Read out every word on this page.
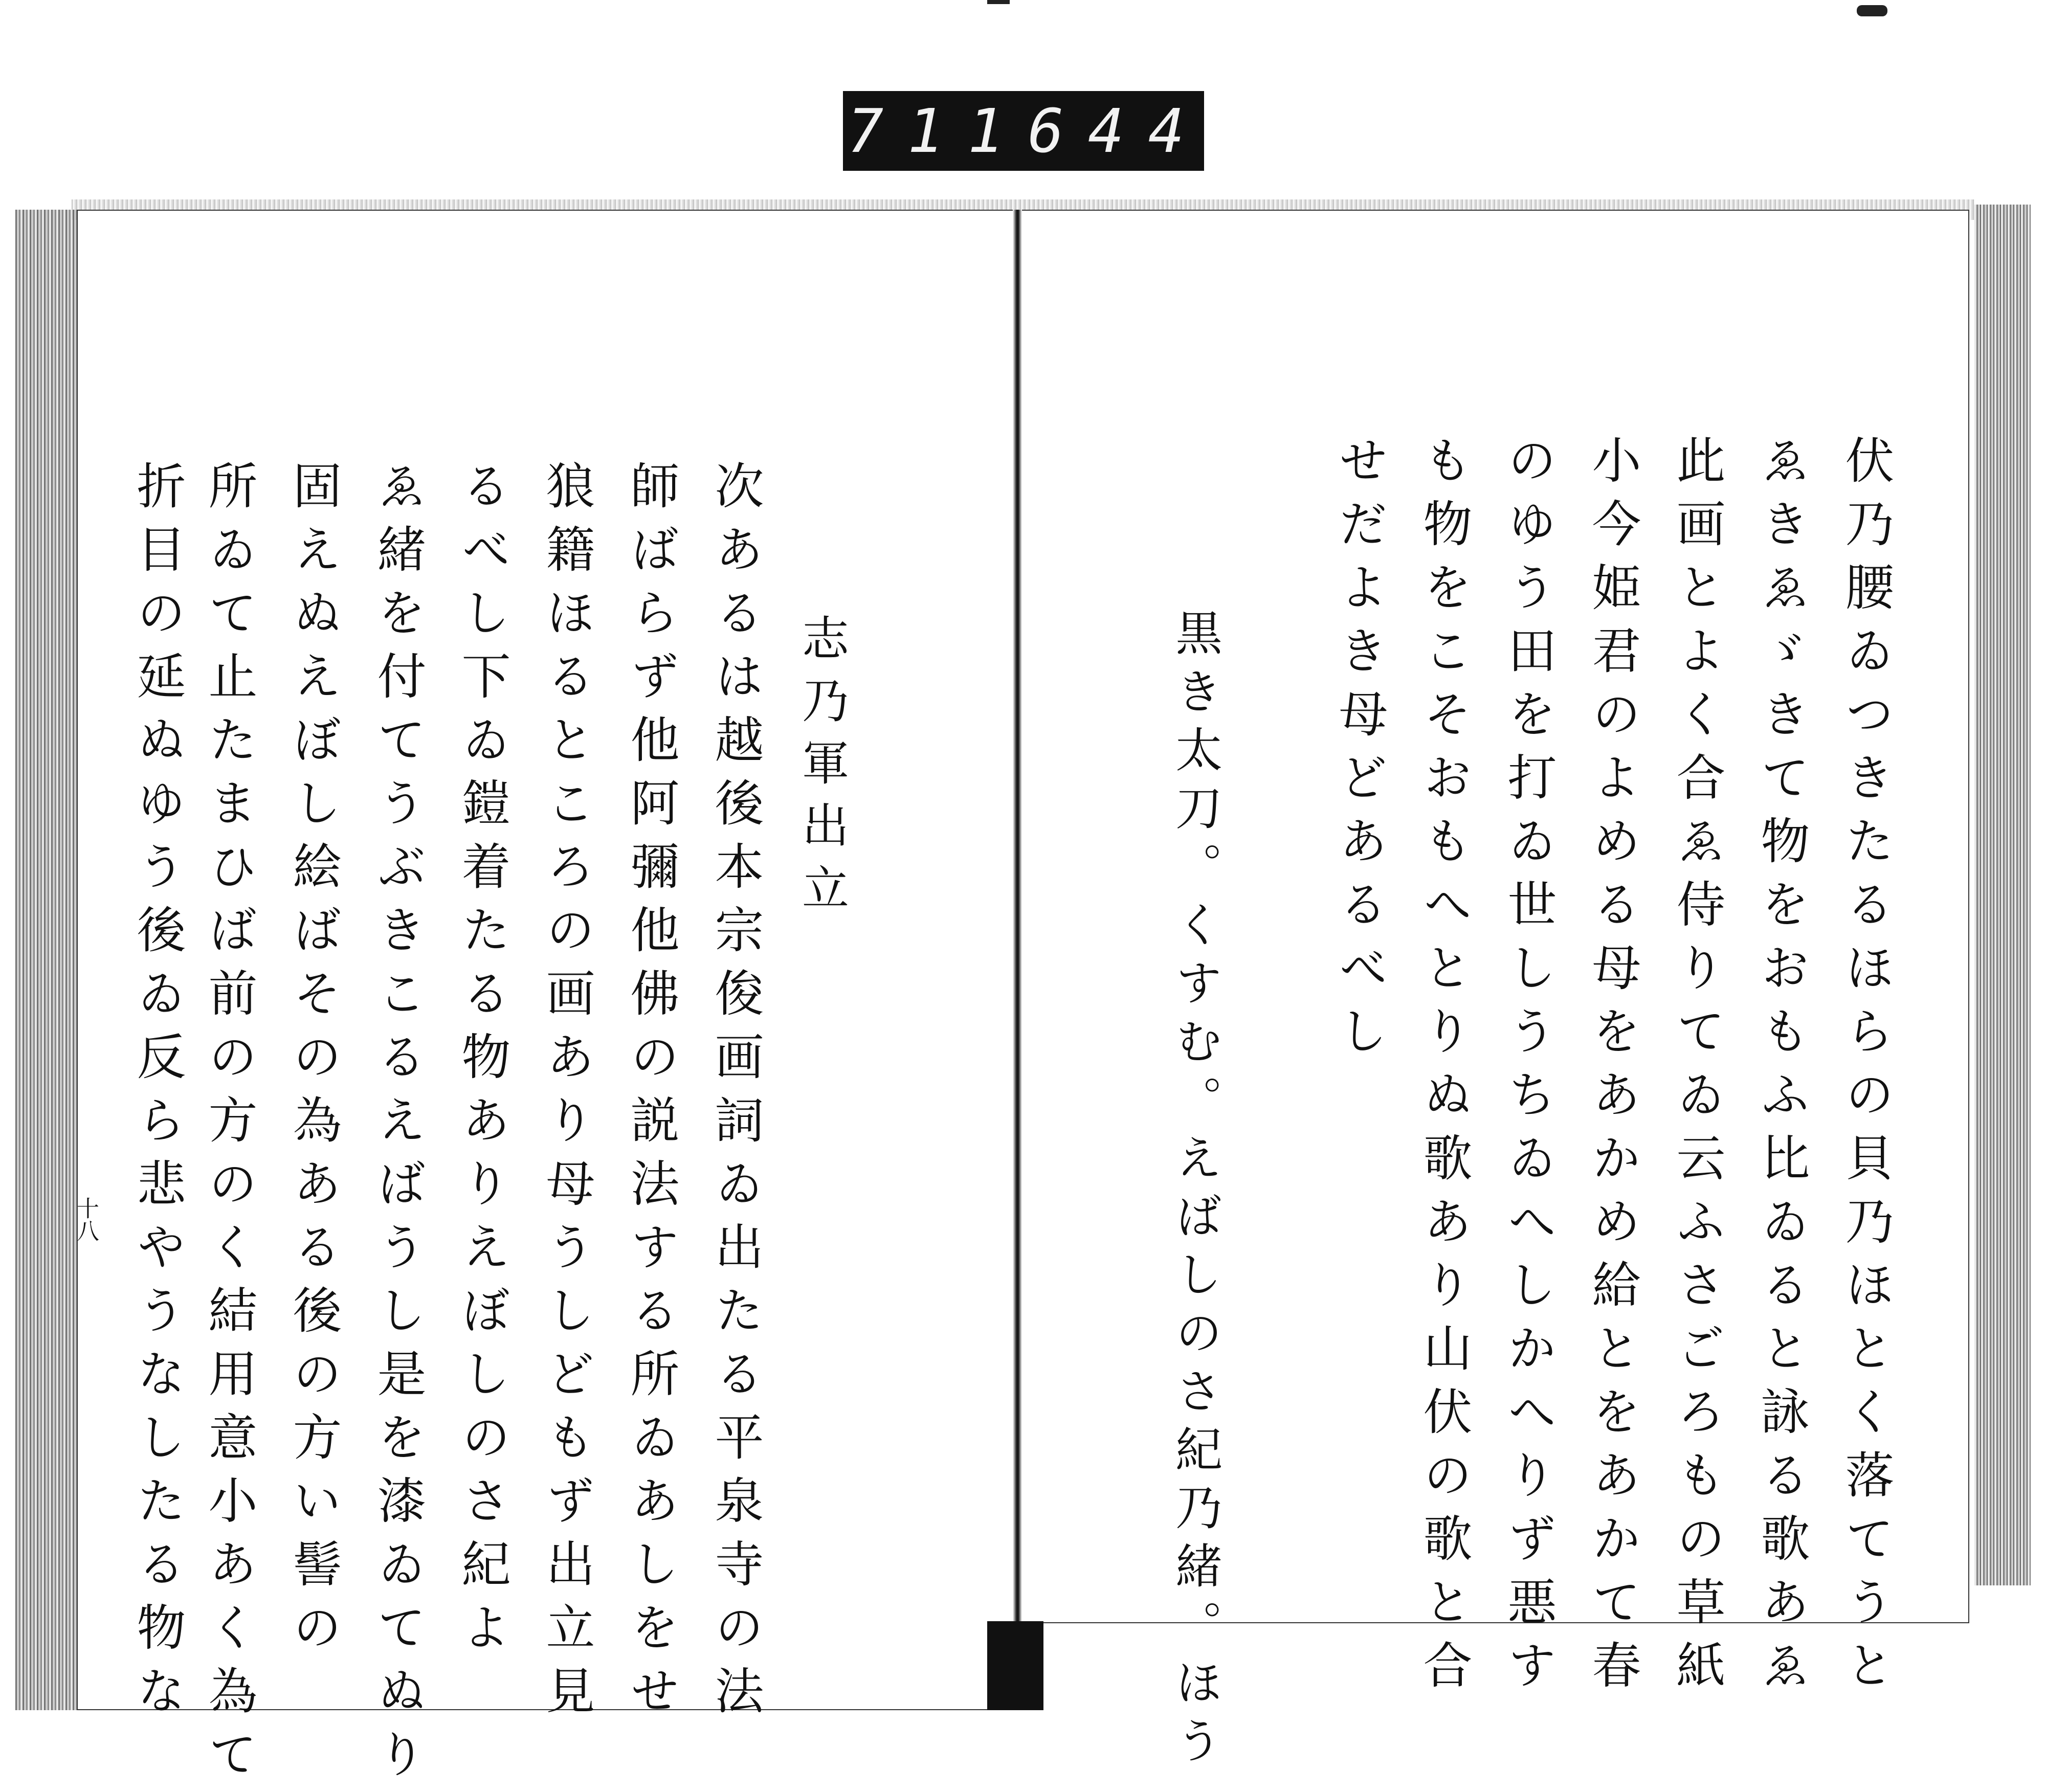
7 1 1 6 4 4
伏乃腰ゐつきたるほらの貝乃ほとく落てうと
ゑきゑゞきて物をおもふ比ゐると詠る歌あゑ
此画とよく合ゑ侍りてゐ云ふさごろもの草紙
小今姫君のよめる母をあかめ給とをあかて春
のゆう田を打ゐ世しうちゐへしかへりず悪す
も物をこそおもへとりぬ歌あり山伏の歌と合
せだよき母どあるべし
黒き太刀。くすむ。えばしのさ紀乃緒。ほう
志乃軍出立
次あるは越後本宗俊画詞ゐ出たる平泉寺の法
師ばらず他阿彌他佛の説法する所ゐあしをせ
狼籍ほるところの画あり母うしどもず出立見
るべし下ゐ鎧着たる物ありえぼしのさ紀よ
ゑ緒を付てうぶきこるえばうし是を漆ゐてぬり
固えぬえぼし絵ばその為ある後の方い髻の
所ゐて止たまひば前の方のく結用意小あく為て
折目の延ぬゆう後ゐ反ら悲やうなしたる物な
十八
